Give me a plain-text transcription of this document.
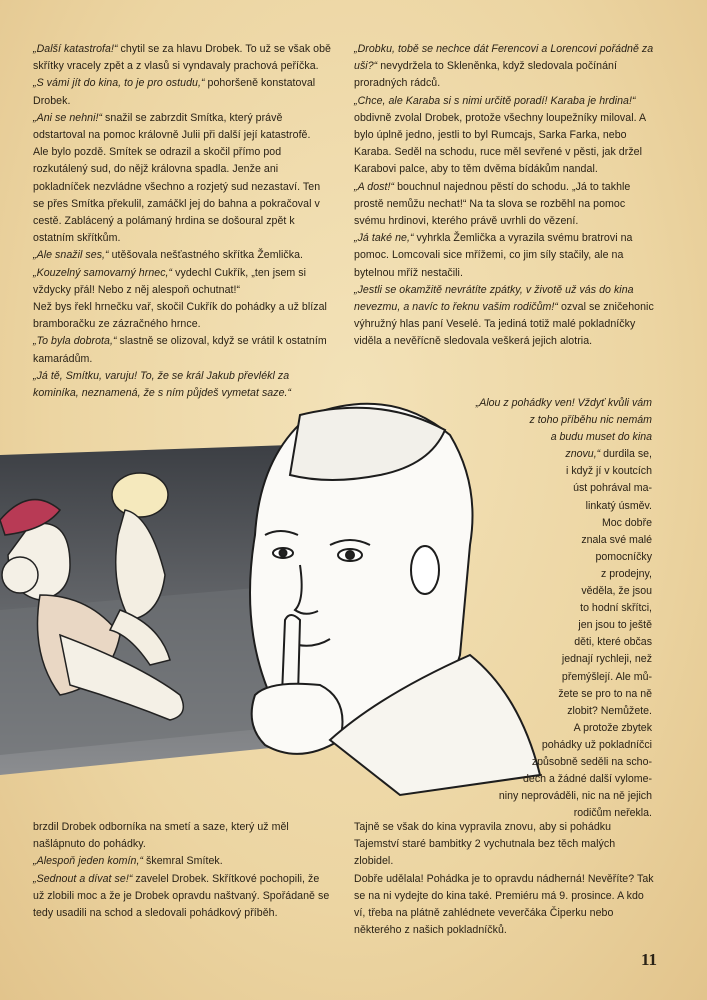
„Další katastrofa!“ chytil se za hlavu Drobek. To už se však obě skřítky vracely zpět a z vlasů si vyndavaly prachová peříčka.

„S vámi jít do kina, to je pro ostudu,“ pohoršeně konstatoval Drobek.

„Ani se nehni!“ snažil se zabrzdit Smítka, který právě odstartoval na pomoc královně Julii při další její katastrofě.

Ale bylo pozdě. Smítek se odrazil a skočil přímo pod rozkutálený sud, do nějž královna spadla. Jenže ani pokladníček nezvládne všechno a rozjetý sud nezastaví. Ten se přes Smítka překulil, zamáčkl jej do bahna a pokračoval v cestě. Zablácený a polámaný hrdina se došoural zpět k ostatním skřítkům.

„Ale snažil ses,“ utěšovala nešťastného skřítka Žemlička.

„Kouzelný samovarný hrnec,“ vydechl Cukřík, „ten jsem si vždycky přál! Nebo z něj alespoň ochutnat!“

Než bys řekl hrnečku vař, skočil Cukřík do pohádky a už blízal bramboračku ze zázračného hrnce.

„To byla dobrota,“ slastně se olizoval, když se vrátil k ostatním kamarádům.

„Já tě, Smítku, varuju! To, že se král Jakub převlékl za kominíka, neznamená, že s ním půjdeš vymetat saze.“

„Drobku, tobě se nechce dát Ferencovi a Lorencovi pořádně za uši?“ nevydržela to Skleněnka, když sledovala počínání proradných rádců.

„Chce, ale Karaba si s nimi určitě poradí! Karaba je hrdina!“ obdivně zvolal Drobek, protože všechny loupežníky miloval. A bylo úplně jedno, jestli to byl Rumcajs, Sarka Farka, nebo Karaba. Seděl na schodu, ruce měl sevřené v pěsti, jak držel Karabovi palce, aby to těm dvěma bídákům nandal.

„A dost!“ bouchnul najednou pěstí do schodu. „Já to takhle prostě nemůžu nechat!“ Na ta slova se rozběhl na pomoc svému hrdinovi, kterého právě uvrhli do vězení.

„Já také ne,“ vyhrkla Žemlička a vyrazila svému bratrovi na pomoc. Lomcovali sice mřížemi, co jim síly stačily, ale na bytelnou mříž nestačili.

„Jestli se okamžitě nevrátíte zpátky, v životě už vás do kina nevezmu, a navíc to řeknu vašim rodičům!“ ozval se zničehonic výhružný hlas paní Veselé. Ta jediná totiž malé pokladníčky viděla a nevěřícně sledovala veškerá jejich alotria.

„Alou z pohádky ven! Vždyť kvůli vám

z toho příběhu nic nemám

a budu muset do kina

znovu,“ durdila se,

i když jí v koutcích

úst pohrával ma-

linkatý úsměv.

Moc dobře

znala své malé

pomocníčky

z prodejny,

věděla, že jsou

to hodní skřítci,

jen jsou to ještě

děti, které občas

jednají rychleji, než

přemýšlejí. Ale mů-

žete se pro to na ně

zlobit? Nemůžete.

A protože zbytek

pohádky už pokladníčci

způsobně seděli na scho-

dech a žádné další vylome-

niny neprováděli, nic na ně jejich

rodičům neřekla.

brzdil Drobek odborníka na smetí a saze, který už měl našlápnuto do pohádky.

„Alespoň jeden komín,“ škemral Smítek.

„Sednout a dívat se!“ zavelel Drobek. Skřítkové pochopili, že už zlobili moc a že je Drobek opravdu naštvaný. Spořádaně se tedy usadili na schod a sledovali pohádkový příběh.

Tajně se však do kina vypravila znovu, aby si pohádku Tajemství staré bambitky 2 vychutnala bez těch malých zlobidel.

Dobře udělala! Pohádka je to opravdu nádherná! Nevěříte? Tak se na ni vydejte do kina také. Premiéru má 9. prosince. A kdo ví, třeba na plátně zahlédnete veverčáka Čiperku nebo některého z našich pokladníčků.

11
